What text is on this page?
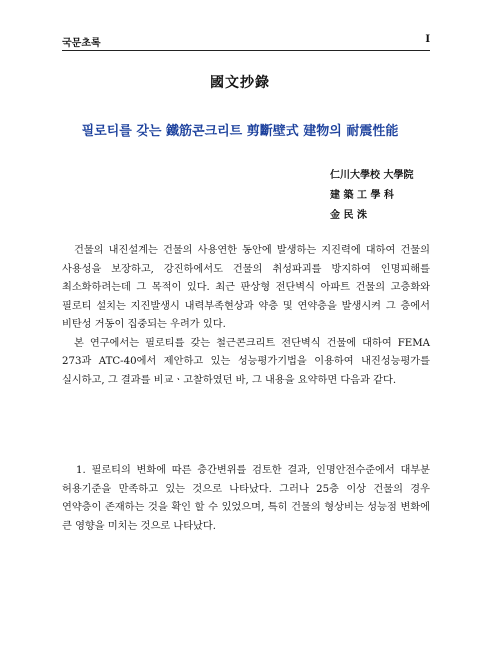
국문초록	I
國文抄錄
필로티를 갖는 鐵筋콘크리트 剪斷壁式 建物의 耐震性能
仁川大學校 大學院
建 築 工 學 科
金 民 洙

건물의 내진설계는 건물의 사용연한 동안에 발생하는 지진력에 대하여 건물의 사용성을 보장하고, 강진하에서도 건물의 취성파괴를 방지하여 인명피해를 최소화하려는데 그 목적이 있다. 최근 판상형 전단벽식 아파트 건물의 고층화와 필로티 설치는 지진발생시 내력부족현상과 약층 및 연약층을 발생시켜 그 층에서 비탄성 거동이 집중되는 우려가 있다.

본 연구에서는 필로티를 갖는 철근콘크리트 전단벽식 건물에 대하여 FEMA 273과 ATC-40에서 제안하고 있는 성능평가기법을 이용하여 내진성능평가를 실시하고, 그 결과를 비교ㆍ고찰하였던 바, 그 내용을 요약하면 다음과 같다.

1. 필로티의 변화에 따른 층간변위를 검토한 결과, 인명안전수준에서 대부분 허용기준을 만족하고 있는 것으로 나타났다. 그러나 25층 이상 건물의 경우 연약층이 존재하는 것을 확인 할 수 있었으며, 특히 건물의 형상비는 성능점 변화에 큰 영향을 미치는 것으로 나타났다.
